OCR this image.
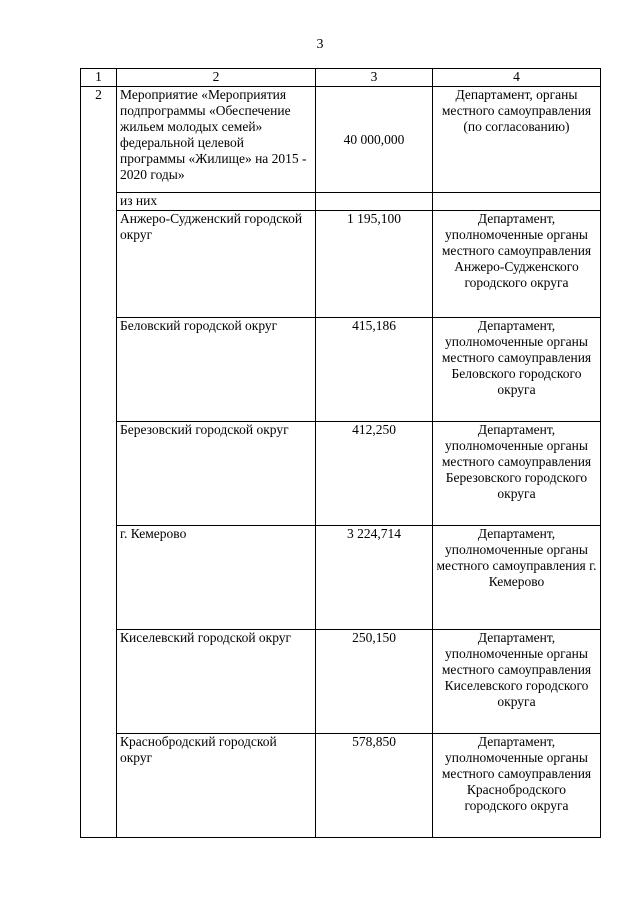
3
1	2	3	4
2	Мероприятие «Мероприятия подпрограммы «Обеспечение жильем молодых семей» федеральной целевой программы «Жилище» на 2015 - 2020 годы»	40 000,000	Департамент, органы местного самоуправления (по согласованию)
	из них		
	Анжеро-Судженский городской округ	1 195,100	Департамент, уполномоченные органы местного самоуправления Анжеро-Судженского городского округа
	Беловский городской округ	415,186	Департамент, уполномоченные органы местного самоуправления Беловского городского округа
	Березовский городской округ	412,250	Департамент, уполномоченные органы местного самоуправления Березовского городского округа
	г. Кемерово	3 224,714	Департамент, уполномоченные органы местного самоуправления г. Кемерово
	Киселевский городской округ	250,150	Департамент, уполномоченные органы местного самоуправления Киселевского городского округа
	Краснобродский городской округ	578,850	Департамент, уполномоченные органы местного самоуправления Краснобродского городского округа
